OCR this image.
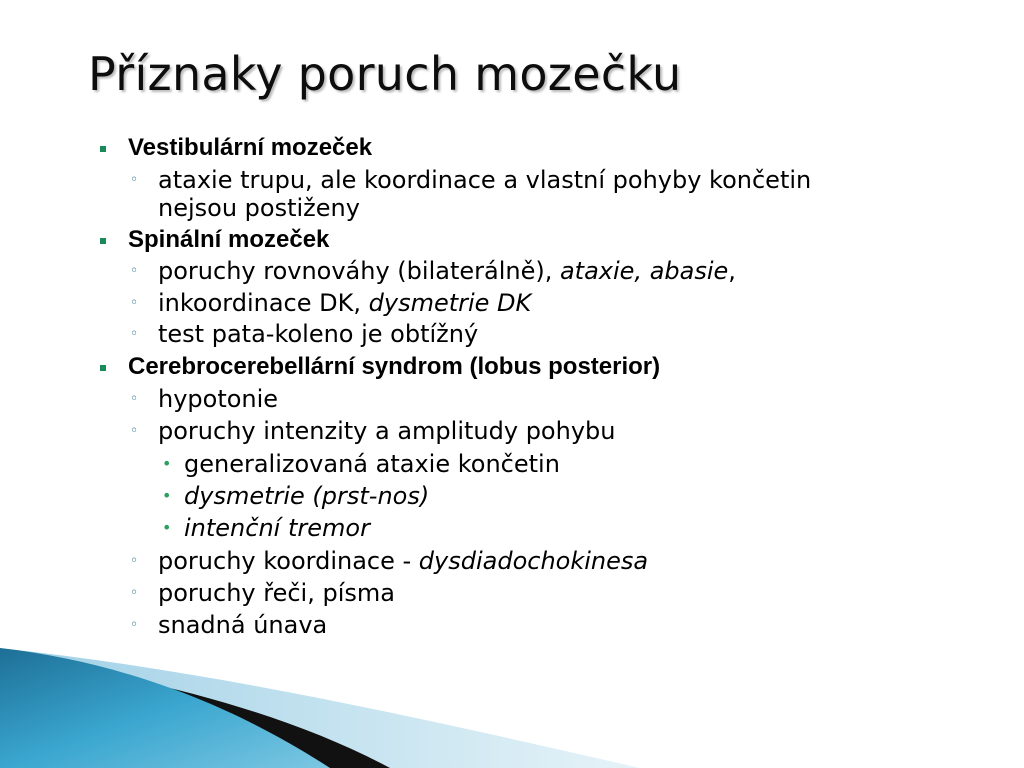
Příznaky poruch mozečku
Vestibulární mozeček
◦ ataxie trupu, ale koordinace a vlastní pohyby končetin
nejsou postiženy
Spinální mozeček
◦ poruchy rovnováhy (bilaterálně), ataxie, abasie,
◦ inkoordinace DK, dysmetrie DK
◦ test pata-koleno je obtížný
Cerebrocerebellární syndrom (lobus posterior)
◦ hypotonie
◦ poruchy intenzity a amplitudy pohybu
• generalizovaná ataxie končetin
• dysmetrie (prst-nos)
• intenční tremor
◦ poruchy koordinace - dysdiadochokinesa
◦ poruchy řeči, písma
◦ snadná únava
